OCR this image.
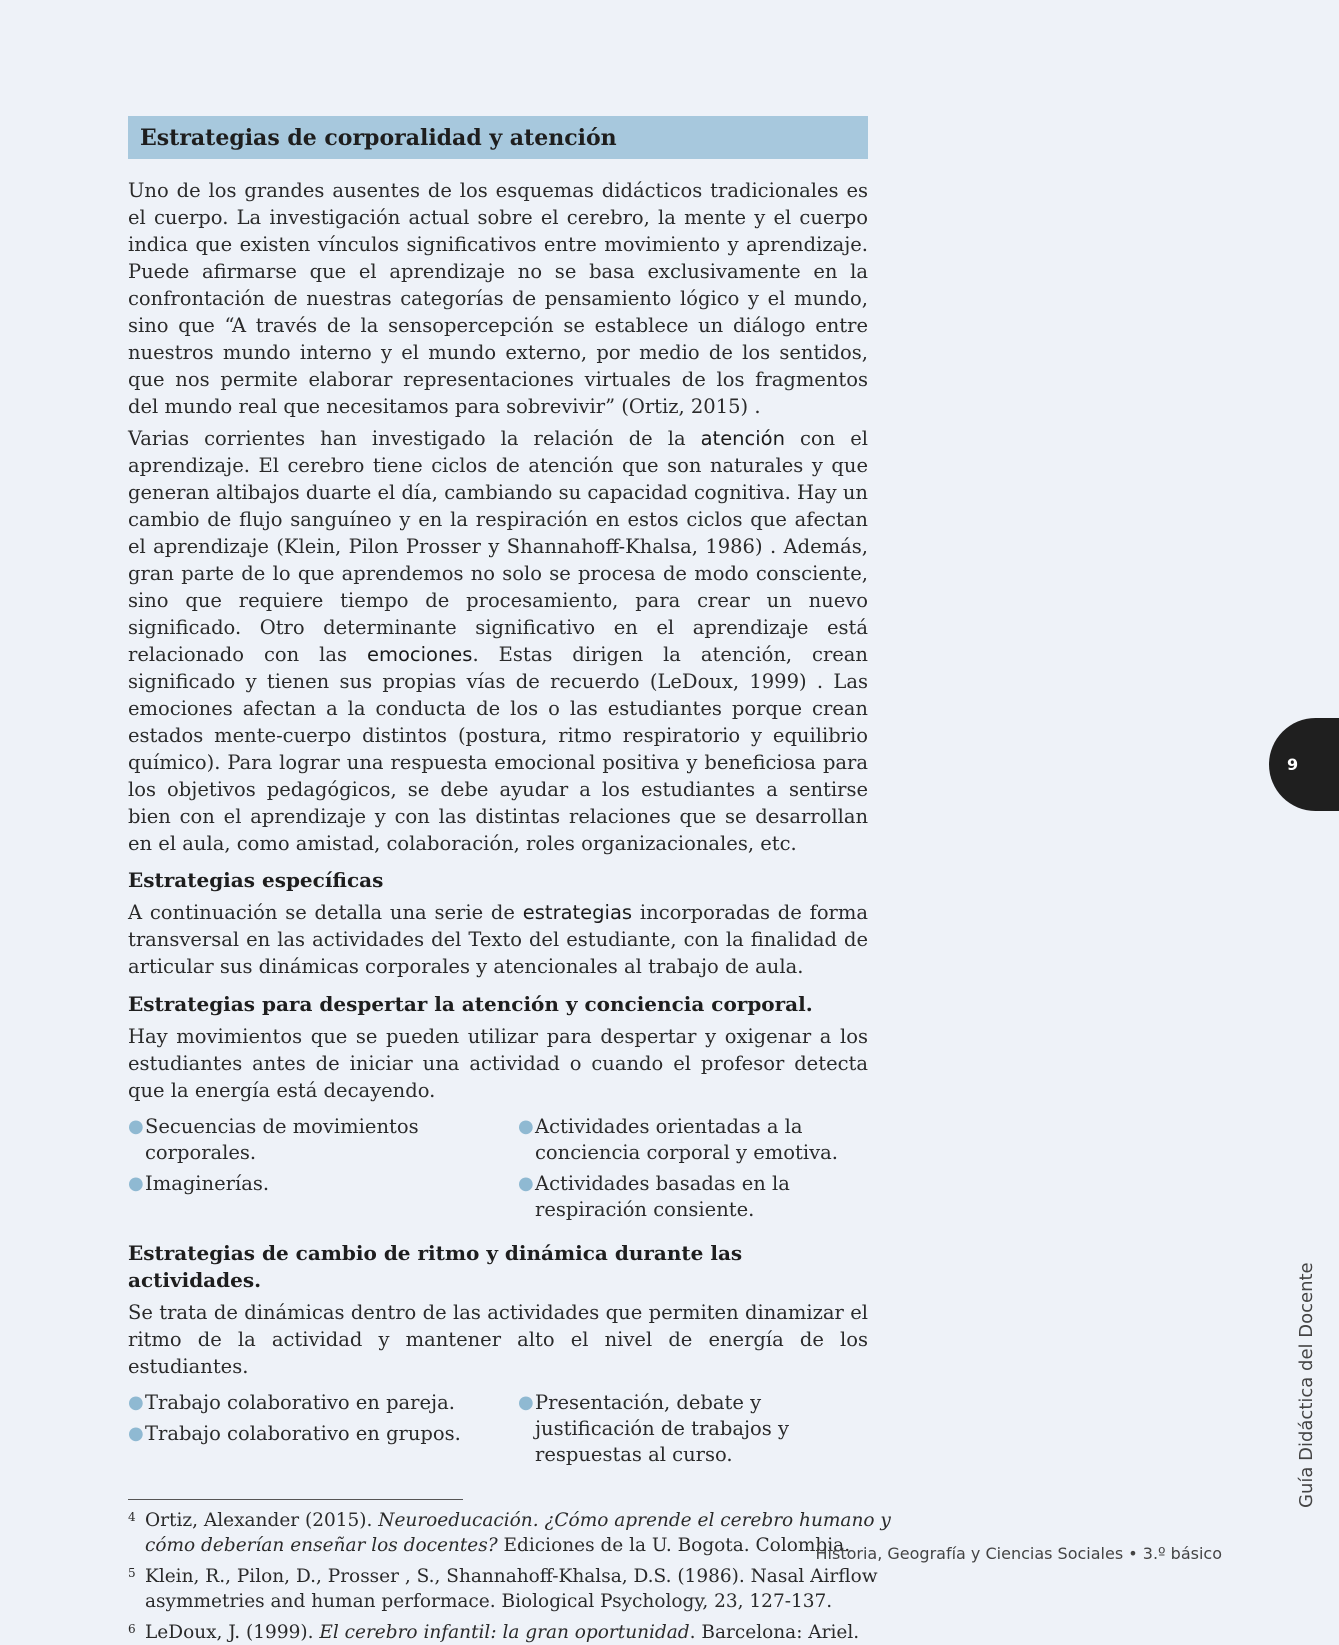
Estrategias de corporalidad y atención

Uno de los grandes ausentes de los esquemas didácticos tradicionales es el cuerpo. La investigación actual sobre el cerebro, la mente y el cuerpo indica que existen vínculos significativos entre movimiento y aprendizaje. Puede afirmarse que el aprendizaje no se basa exclusivamente en la confrontación de nuestras categorías de pensamiento lógico y el mundo, sino que “A través de la sensopercepción se establece un diálogo entre nuestros mundo interno y el mundo externo, por medio de los sentidos, que nos permite elaborar representaciones virtuales de los fragmentos del mundo real que necesitamos para sobrevivir” (Ortiz, 2015) .

Varias corrientes han investigado la relación de la atención con el aprendizaje. El cerebro tiene ciclos de atención que son naturales y que generan altibajos duarte el día, cambiando su capacidad cognitiva. Hay un cambio de flujo sanguíneo y en la respiración en estos ciclos que afectan el aprendizaje (Klein, Pilon Prosser y Shannahoff-Khalsa, 1986) . Además, gran parte de lo que aprendemos no solo se procesa de modo consciente, sino que requiere tiempo de procesamiento, para crear un nuevo significado. Otro determinante significativo en el aprendizaje está relacionado con las emociones. Estas dirigen la atención, crean significado y tienen sus propias vías de recuerdo (LeDoux, 1999) . Las emociones afectan a la conducta de los o las estudiantes porque crean estados mente-cuerpo distintos (postura, ritmo respiratorio y equilibrio químico). Para lograr una respuesta emocional positiva y beneficiosa para los objetivos pedagógicos, se debe ayudar a los estudiantes a sentirse bien con el aprendizaje y con las distintas relaciones que se desarrollan en el aula, como amistad, colaboración, roles organizacionales, etc.

Estrategias específicas

A continuación se detalla una serie de estrategias incorporadas de forma transversal en las actividades del Texto del estudiante, con la finalidad de articular sus dinámicas corporales y atencionales al trabajo de aula.

Estrategias para despertar la atención y conciencia corporal.

Hay movimientos que se pueden utilizar para despertar y oxigenar a los estudiantes antes de iniciar una actividad o cuando el profesor detecta que la energía está decayendo.

● Secuencias de movimientos corporales.
● Imaginerías.
● Actividades orientadas a la conciencia corporal y emotiva.
● Actividades basadas en la respiración consiente.
Estrategias de cambio de ritmo y dinámica durante las actividades.

Se trata de dinámicas dentro de las actividades que permiten dinamizar el ritmo de la actividad y mantener alto el nivel de energía de los estudiantes.

● Trabajo colaborativo en pareja.
● Trabajo colaborativo en grupos.
● Presentación, debate y justificación de trabajos y respuestas al curso.
4 Ortiz, Alexander (2015). Neuroeducación. ¿Cómo aprende el cerebro humano y cómo deberían enseñar los docentes? Ediciones de la U. Bogota. Colombia.
5 Klein, R., Pilon, D., Prosser , S., Shannahoff-Khalsa, D.S. (1986). Nasal Airflow asymmetries and human performace. Biological Psychology, 23, 127-137.
6 LeDoux, J. (1999). El cerebro infantil: la gran oportunidad. Barcelona: Ariel.
9
Guía Didáctica del Docente
Historia, Geografía y Ciencias Sociales • 3.º básico
